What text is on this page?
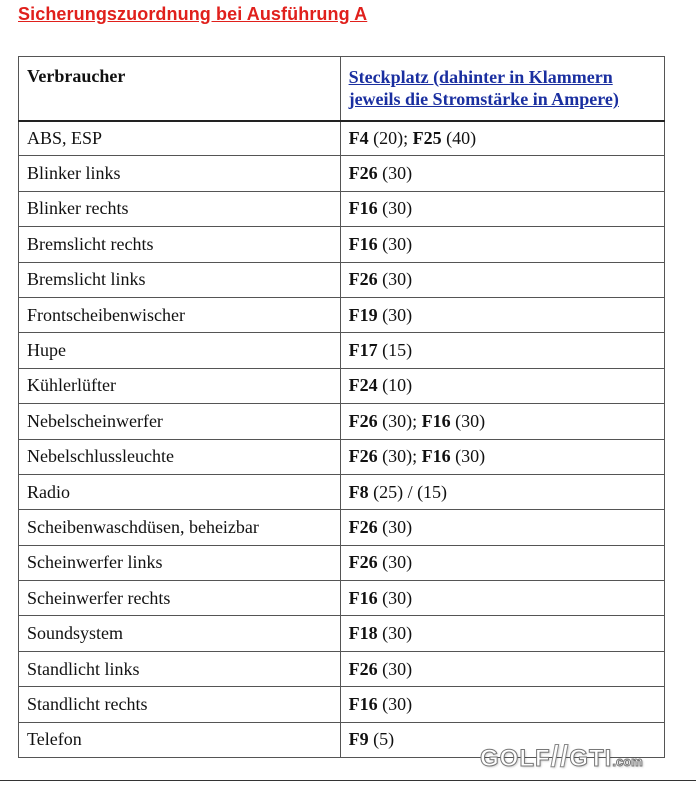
Sicherungszuordnung bei Ausführung A
Verbraucher	Steckplatz (dahinter in Klammern
jeweils die Stromstärke in Ampere)
ABS, ESP	F4 (20); F25 (40)
Blinker links	F26 (30)
Blinker rechts	F16 (30)
Bremslicht rechts	F16 (30)
Bremslicht links	F26 (30)
Frontscheibenwischer	F19 (30)
Hupe	F17 (15)
Kühlerlüfter	F24 (10)
Nebelscheinwerfer	F26 (30); F16 (30)
Nebelschlussleuchte	F26 (30); F16 (30)
Radio	F8 (25) / (15)
Scheibenwaschdüsen, beheizbar	F26 (30)
Scheinwerfer links	F26 (30)
Scheinwerfer rechts	F16 (30)
Soundsystem	F18 (30)
Standlicht links	F26 (30)
Standlicht rechts	F16 (30)
Telefon	F9 (5)
GOLF//GTI.com
